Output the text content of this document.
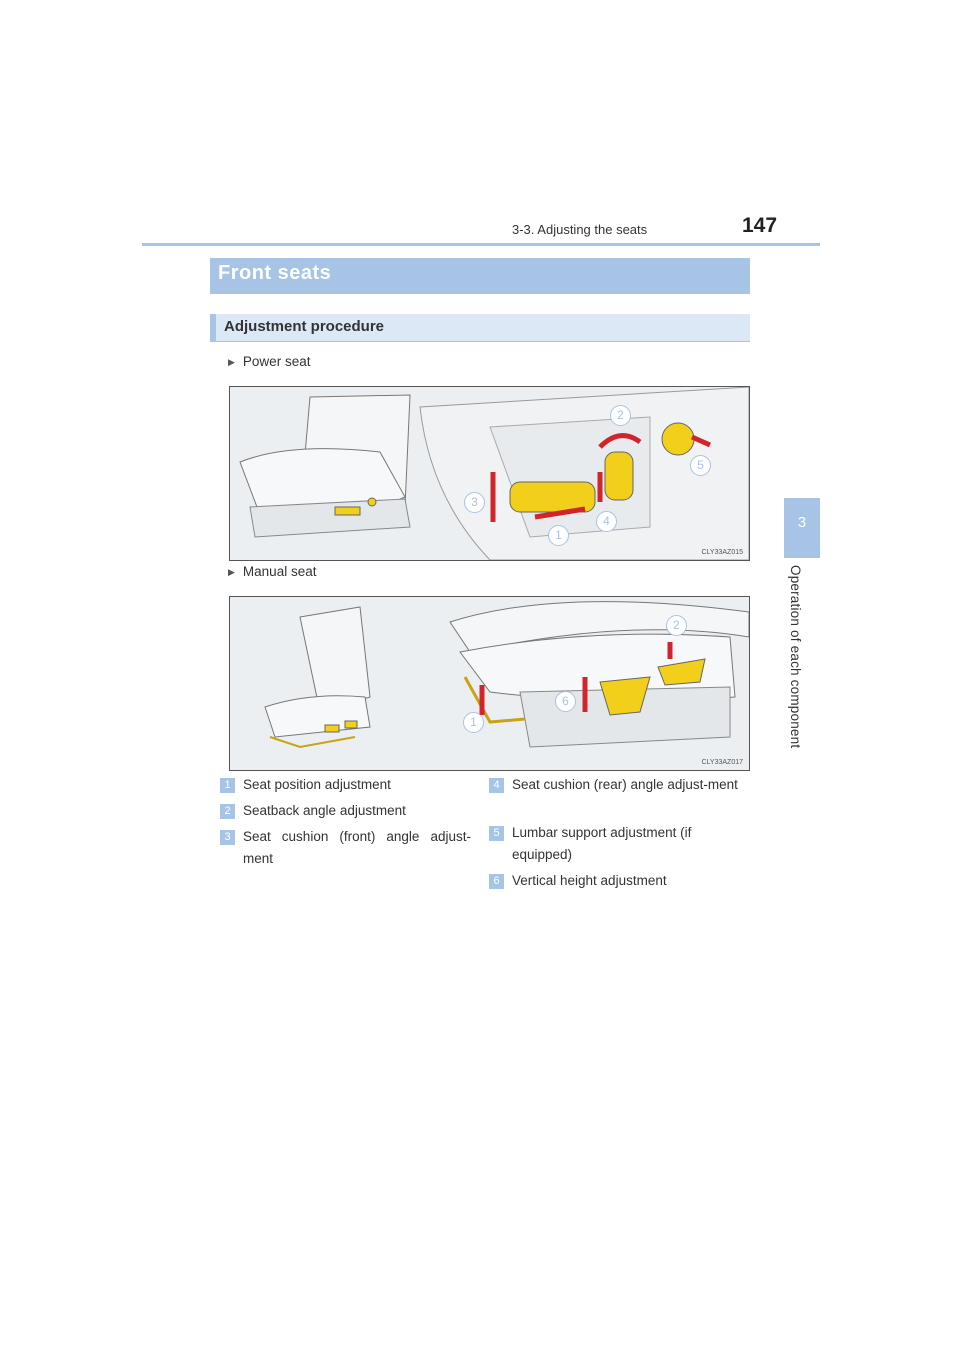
3-3. Adjusting the seats	147
3
Operation of each component
Front seats
Adjustment procedure
▶ Power seat
2
5
3
4
1
CLY33AZ015
▶ Manual seat
2
6
1
CLY33AZ017
1 Seat position adjustment
2 Seatback angle adjustment
3 Seat cushion (front) angle adjust-ment
4 Seat cushion (rear) angle adjust-ment
5 Lumbar support adjustment (if equipped)
6 Vertical height adjustment
